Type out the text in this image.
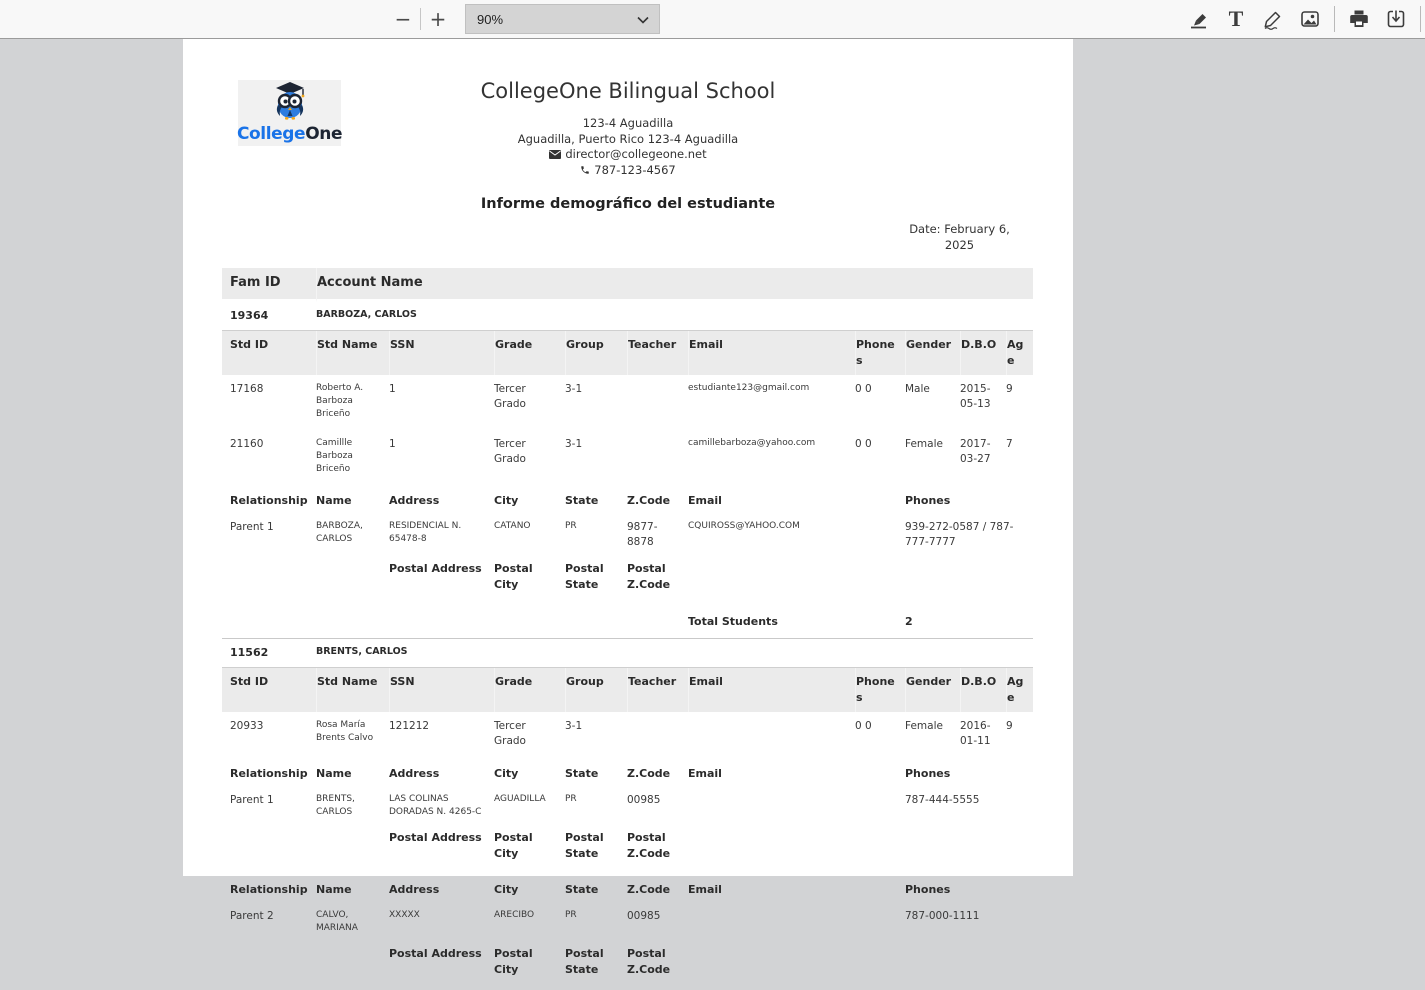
− +	90%	T
CollegeOne
CollegeOne Bilingual School
123-4 Aguadilla
Aguadilla, Puerto Rico 123-4 Aguadilla
director@collegeone.net
787-123-4567
Informe demográfico del estudiante
Date: February 6,
2025
Fam ID	Account Name									
19364	BARBOZA, CARLOS									
Std ID	Std Name	SSN	Grade	Group	Teacher	Email	Phones	Gender	D.B.O	Age
17168	Roberto A. Barboza Briceño	1	Tercer Grado	3-1		estudiante123@gmail.com	0 0	Male	2015-05-13	9
21160	Camillle Barboza Briceño	1	Tercer Grado	3-1		camillebarboza@yahoo.com	0 0	Female	2017-03-27	7
Relationship	Name	Address	City	State	Z.Code	Email		Phones		
Parent 1	BARBOZA, CARLOS	RESIDENCIAL N. 65478-8	CATANO	PR	9877-8878	CQUIROSS@YAHOO.COM		939-272-0587 / 787-777-7777		
		Postal Address	Postal City	Postal State	Postal Z.Code					
						Total Students		2		
11562	BRENTS, CARLOS									
Std ID	Std Name	SSN	Grade	Group	Teacher	Email	Phones	Gender	D.B.O	Age
20933	Rosa María Brents Calvo	121212	Tercer Grado	3-1			0 0	Female	2016-01-11	9
Relationship	Name	Address	City	State	Z.Code	Email		Phones		
Parent 1	BRENTS, CARLOS	LAS COLINAS DORADAS N. 4265-C	AGUADILLA	PR	00985			787-444-5555		
		Postal Address	Postal City	Postal State	Postal Z.Code					
Relationship	Name	Address	City	State	Z.Code	Email		Phones		
Parent 2	CALVO, MARIANA	XXXXX	ARECIBO	PR	00985			787-000-1111		
		Postal Address	Postal City	Postal State	Postal Z.Code					
